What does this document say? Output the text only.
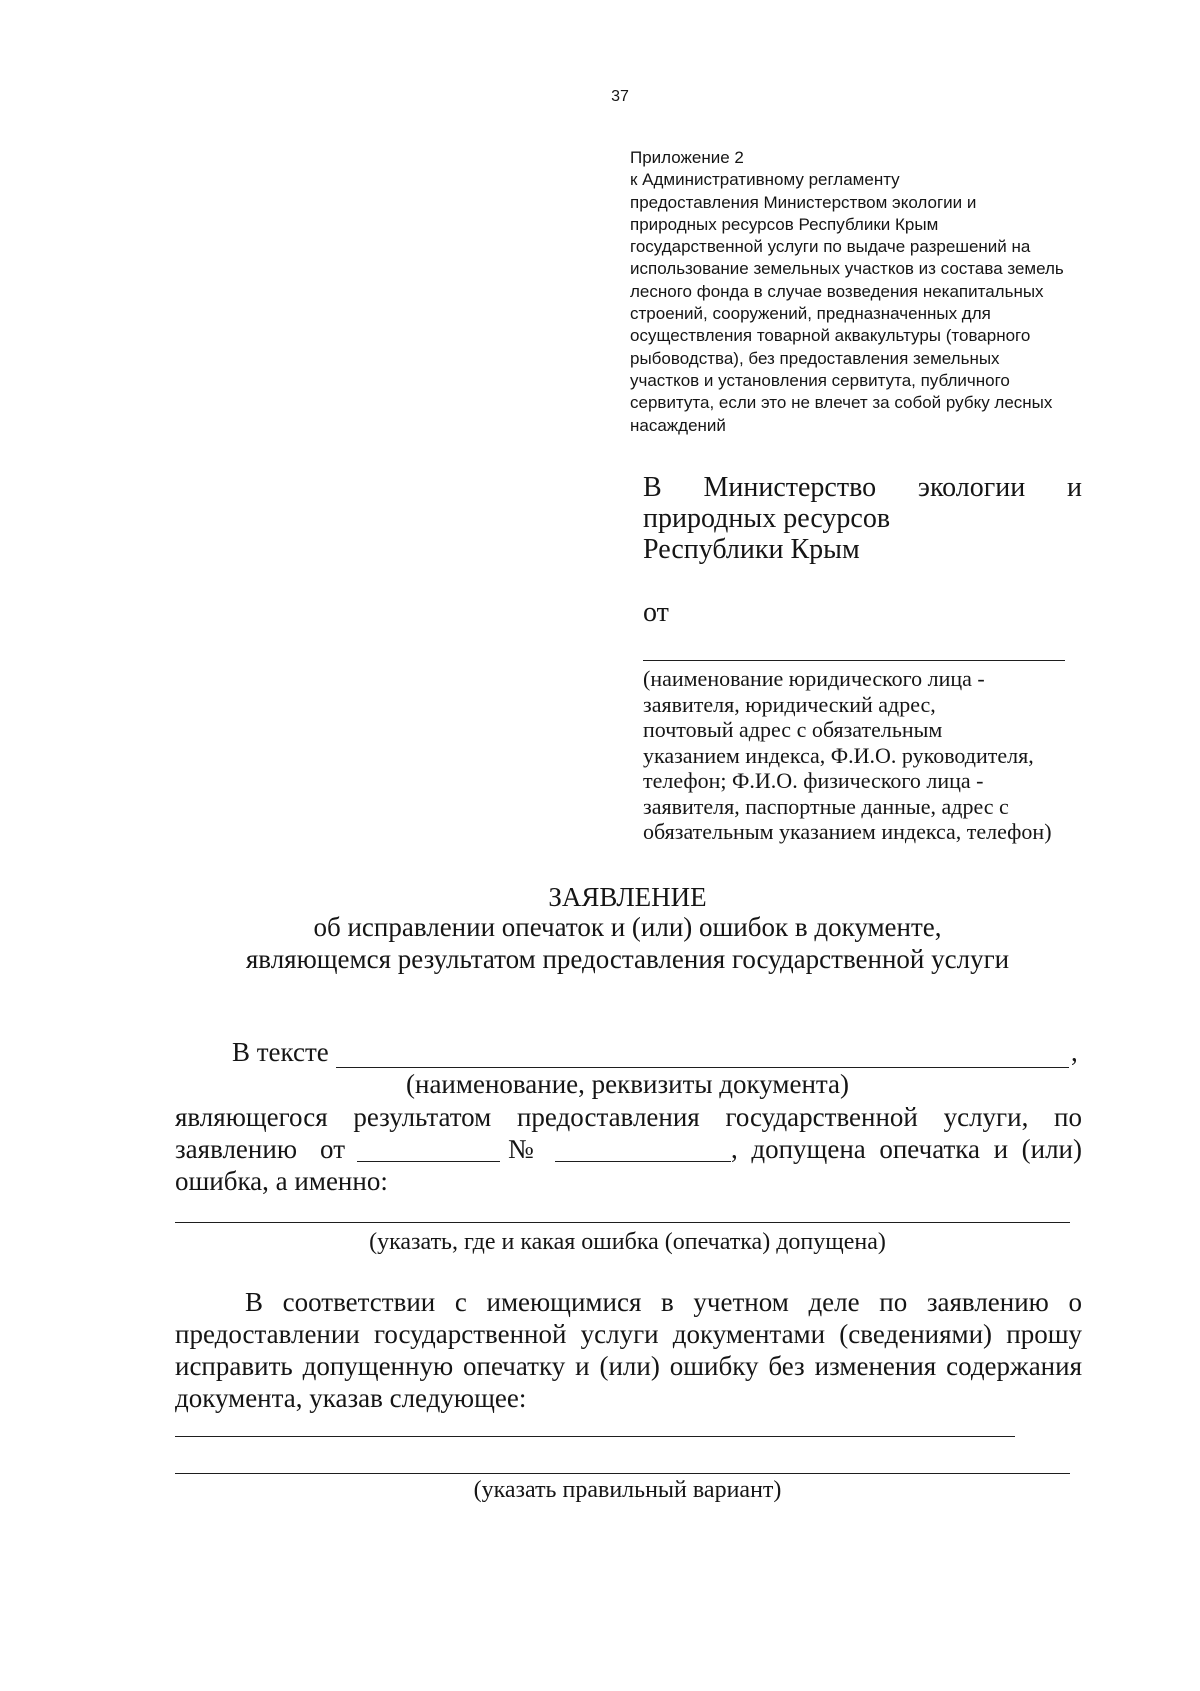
37
Приложение 2
к Административному регламенту
предоставления Министерством экологии и
природных ресурсов Республики Крым
государственной услуги по выдаче разрешений на
использование земельных участков из состава земель
лесного фонда в случае возведения некапитальных
строений, сооружений, предназначенных для
осуществления товарной аквакультуры (товарного
рыбоводства), без предоставления земельных
участков и установления сервитута, публичного
сервитута, если это не влечет за собой рубку лесных
насаждений
В Министерство экологии и
природных ресурсов
Республики Крым
от
(наименование юридического лица -
заявителя, юридический адрес,
почтовый адрес с обязательным
указанием индекса, Ф.И.О. руководителя,
телефон; Ф.И.О. физического лица -
заявителя, паспортные данные, адрес с
обязательным указанием индекса, телефон)
ЗАЯВЛЕНИЕ
об исправлении опечаток и (или) ошибок в документе,
являющемся результатом предоставления государственной услуги
В тексте	,
(наименование, реквизиты документа)
являющегося результатом предоставления государственной услуги, по
заявлению от	№	, допущена опечатка и (или)
ошибка, а именно:
(указать, где и какая ошибка (опечатка) допущена)
В соответствии с имеющимися в учетном деле по заявлению о
предоставлении государственной услуги документами (сведениями) прошу
исправить допущенную опечатку и (или) ошибку без изменения содержания
документа, указав следующее:
(указать правильный вариант)
